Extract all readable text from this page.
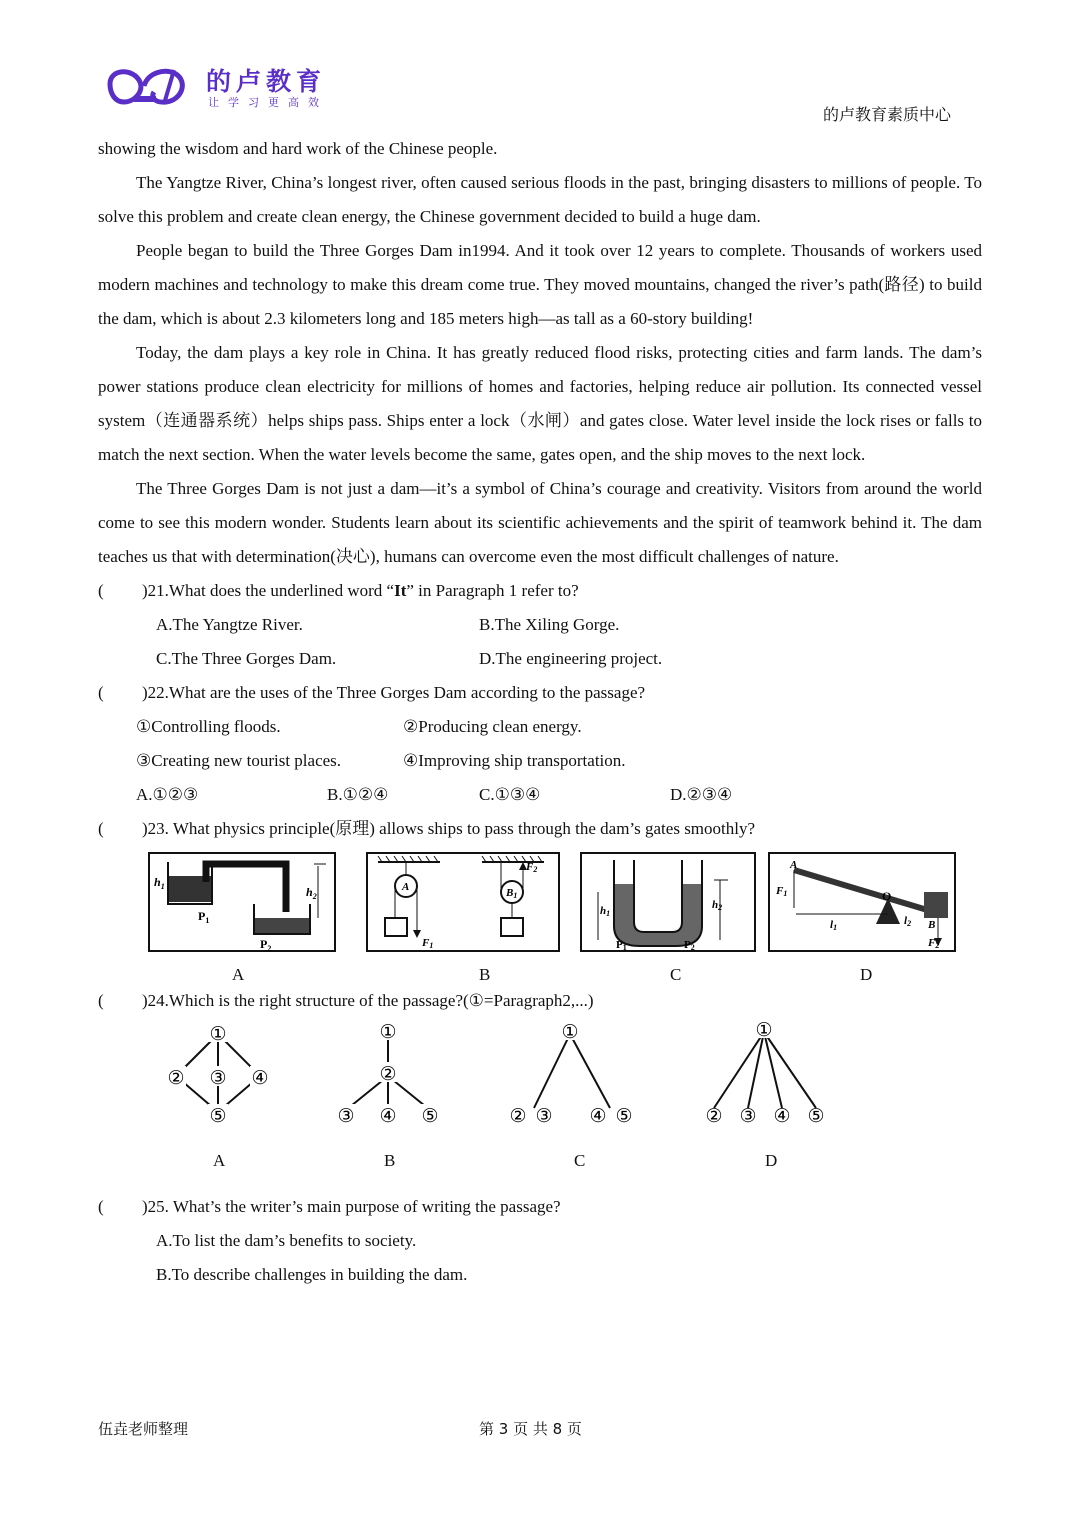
的卢教育
让学习更高效
的卢教育素质中心

showing the wisdom and hard work of the Chinese people.

The Yangtze River, China’s longest river, often caused serious floods in the past, bringing disasters to millions of people. To solve this problem and create clean energy, the Chinese government decided to build a huge dam.

People began to build the Three Gorges Dam in1994. And it took over 12 years to complete. Thousands of workers used modern machines and technology to make this dream come true. They moved mountains, changed the river’s path(路径) to build the dam, which is about 2.3 kilometers long and 185 meters high—as tall as a 60-story building!

Today, the dam plays a key role in China. It has greatly reduced flood risks, protecting cities and farm lands. The dam’s power stations produce clean electricity for millions of homes and factories, helping reduce air pollution. Its connected vessel system（连通器系统）helps ships pass. Ships enter a lock（水闸）and gates close. Water level inside the lock rises or falls to match the next section. When the water levels become the same, gates open, and the ship moves to the next lock.

The Three Gorges Dam is not just a dam—it’s a symbol of China’s courage and creativity. Visitors from around the world come to see this modern wonder. Students learn about its scientific achievements and the spirit of teamwork behind it. The dam teaches us that with determination(决心), humans can overcome even the most difficult challenges of nature.

( )21.What does the underlined word “It” in Paragraph 1 refer to?
A.The Yangtze River.	B.The Xiling Gorge.
C.The Three Gorges Dam.	D.The engineering project.
( )22.What are the uses of the Three Gorges Dam according to the passage?
①Controlling floods.	②Producing clean energy.
③Creating new tourist places.	④Improving ship transportation.
A.①②③	B.①②④	C.①③④	D.②③④
( )23. What physics principle(原理) allows ships to pass through the dam’s gates smoothly?
$h_1$	$h_2$
$P_1$
$P_2$
A	B1
F2
F1
h1
h2
P1	P2
A
O
B
F1
F2
l1
l2
A	B	C	D
( )24.Which is the right structure of the passage?(①=Paragraph2,...)
①
② ③ ④
⑤
①
②
③ ④ ⑤
①
② ③ ④ ⑤
①
② ③ ④ ⑤
A	B	C	D
( )25. What’s the writer’s main purpose of writing the passage?
A.To list the dam’s benefits to society.
B.To describe challenges in building the dam.
伍垚老师整理	第 3 页 共 8 页
